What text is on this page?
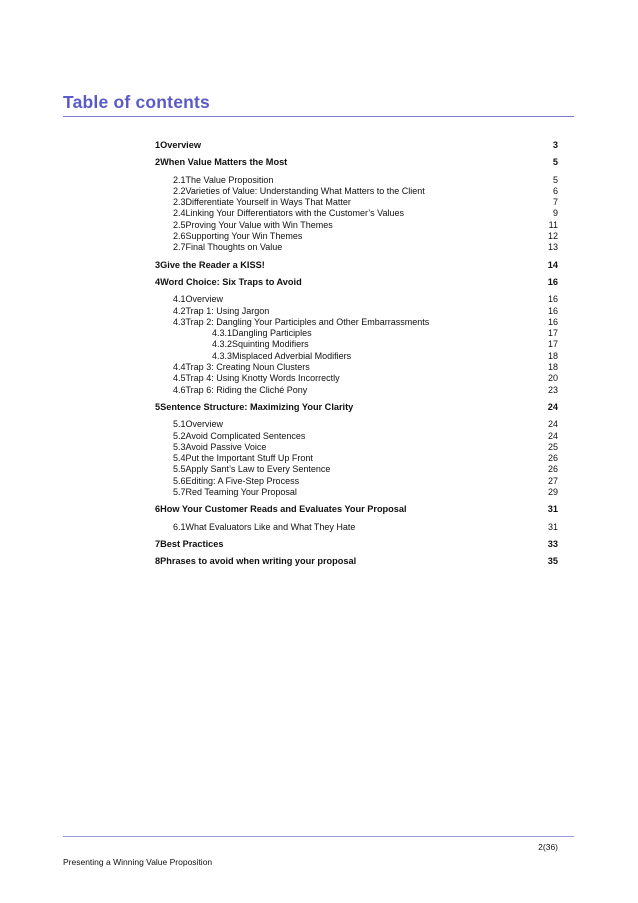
Table of contents
1Overview	3
2When Value Matters the Most	5
2.1The Value Proposition	5
2.2Varieties of Value: Understanding What Matters to the Client	6
2.3Differentiate Yourself in Ways That Matter	7
2.4Linking Your Differentiators with the Customer’s Values	9
2.5Proving Your Value with Win Themes	11
2.6Supporting Your Win Themes	12
2.7Final Thoughts on Value	13
3Give the Reader a KISS!	14
4Word Choice: Six Traps to Avoid	16
4.1Overview	16
4.2Trap 1: Using Jargon	16
4.3Trap 2: Dangling Your Participles and Other Embarrassments	16
4.3.1Dangling Participles	17
4.3.2Squinting Modifiers	17
4.3.3Misplaced Adverbial Modifiers	18
4.4Trap 3: Creating Noun Clusters	18
4.5Trap 4: Using Knotty Words Incorrectly	20
4.6Trap 6: Riding the Cliché Pony	23
5Sentence Structure: Maximizing Your Clarity	24
5.1Overview	24
5.2Avoid Complicated Sentences	24
5.3Avoid Passive Voice	25
5.4Put the Important Stuff Up Front	26
5.5Apply Sant’s Law to Every Sentence	26
5.6Editing: A Five-Step Process	27
5.7Red Teaming Your Proposal	29
6How Your Customer Reads and Evaluates Your Proposal	31
6.1What Evaluators Like and What They Hate	31
7Best Practices	33
8Phrases to avoid when writing your proposal	35
2(36)
Presenting a Winning Value Proposition
